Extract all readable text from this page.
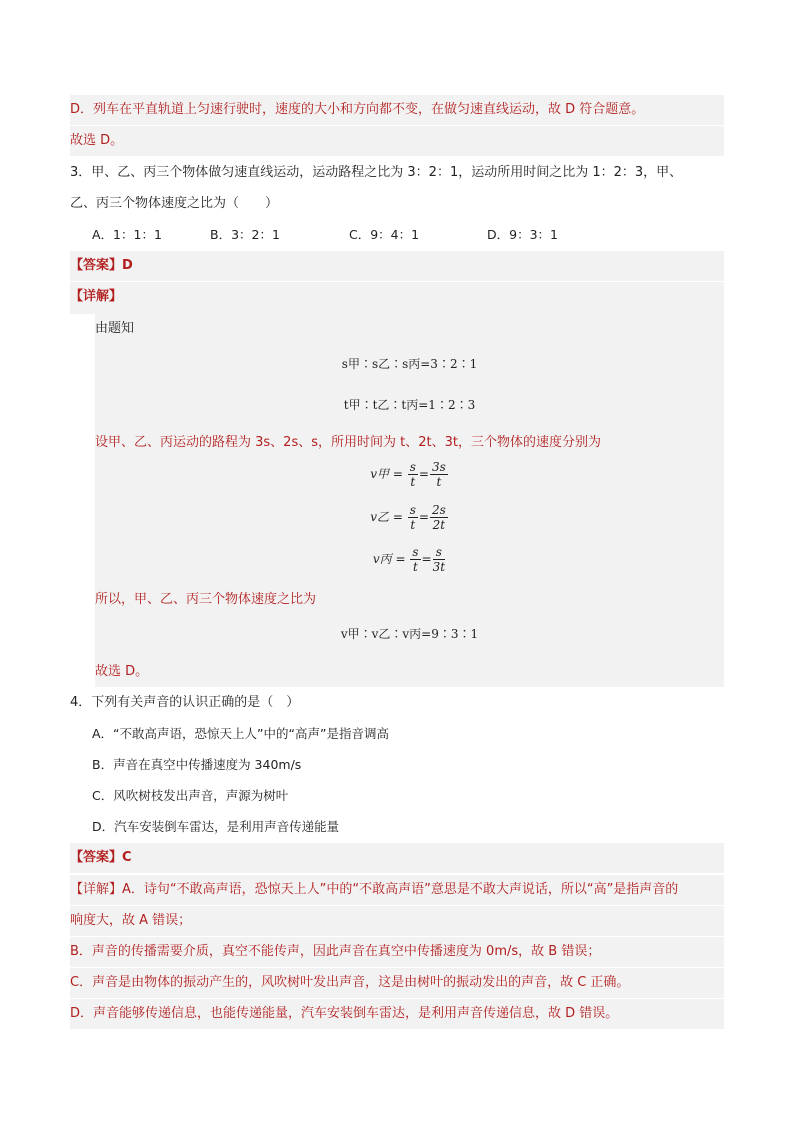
D．列车在平直轨道上匀速行驶时，速度的大小和方向都不变，在做匀速直线运动，故 D 符合题意。
故选 D。
3．甲、乙、丙三个物体做匀速直线运动，运动路程之比为 3：2：1，运动所用时间之比为 1：2：3，甲、
乙、丙三个物体速度之比为（　　）
A．1：1：1	B．3：2：1	C．9：4：1	D．9：3：1
【答案】D
【详解】
由题知
s甲∶s乙∶s丙=3∶2∶1
t甲∶t乙∶t丙=1∶2∶3
设甲、乙、丙运动的路程为 3s、2s、s，所用时间为 t、2t、3t，三个物体的速度分别为
v甲 = $\frac{s}{t} = \frac{3s}{t}$
v乙 = $\frac{s}{t} = \frac{2s}{2t}$
v丙 = $\frac{s}{t} = \frac{s}{3t}$
所以，甲、乙、丙三个物体速度之比为
v甲∶v乙∶v丙=9∶3∶1
故选 D。
4．下列有关声音的认识正确的是（　）
A．“不敢高声语，恐惊天上人”中的“高声”是指音调高
B．声音在真空中传播速度为 340m/s
C．风吹树枝发出声音，声源为树叶
D．汽车安装倒车雷达，是利用声音传递能量
【答案】C
【详解】A．诗句“不敢高声语，恐惊天上人”中的“不敢高声语”意思是不敢大声说话，所以“高”是指声音的
响度大，故 A 错误；
B．声音的传播需要介质，真空不能传声，因此声音在真空中传播速度为 0m/s，故 B 错误；
C．声音是由物体的振动产生的，风吹树叶发出声音，这是由树叶的振动发出的声音，故 C 正确。
D．声音能够传递信息，也能传递能量，汽车安装倒车雷达，是利用声音传递信息，故 D 错误。
